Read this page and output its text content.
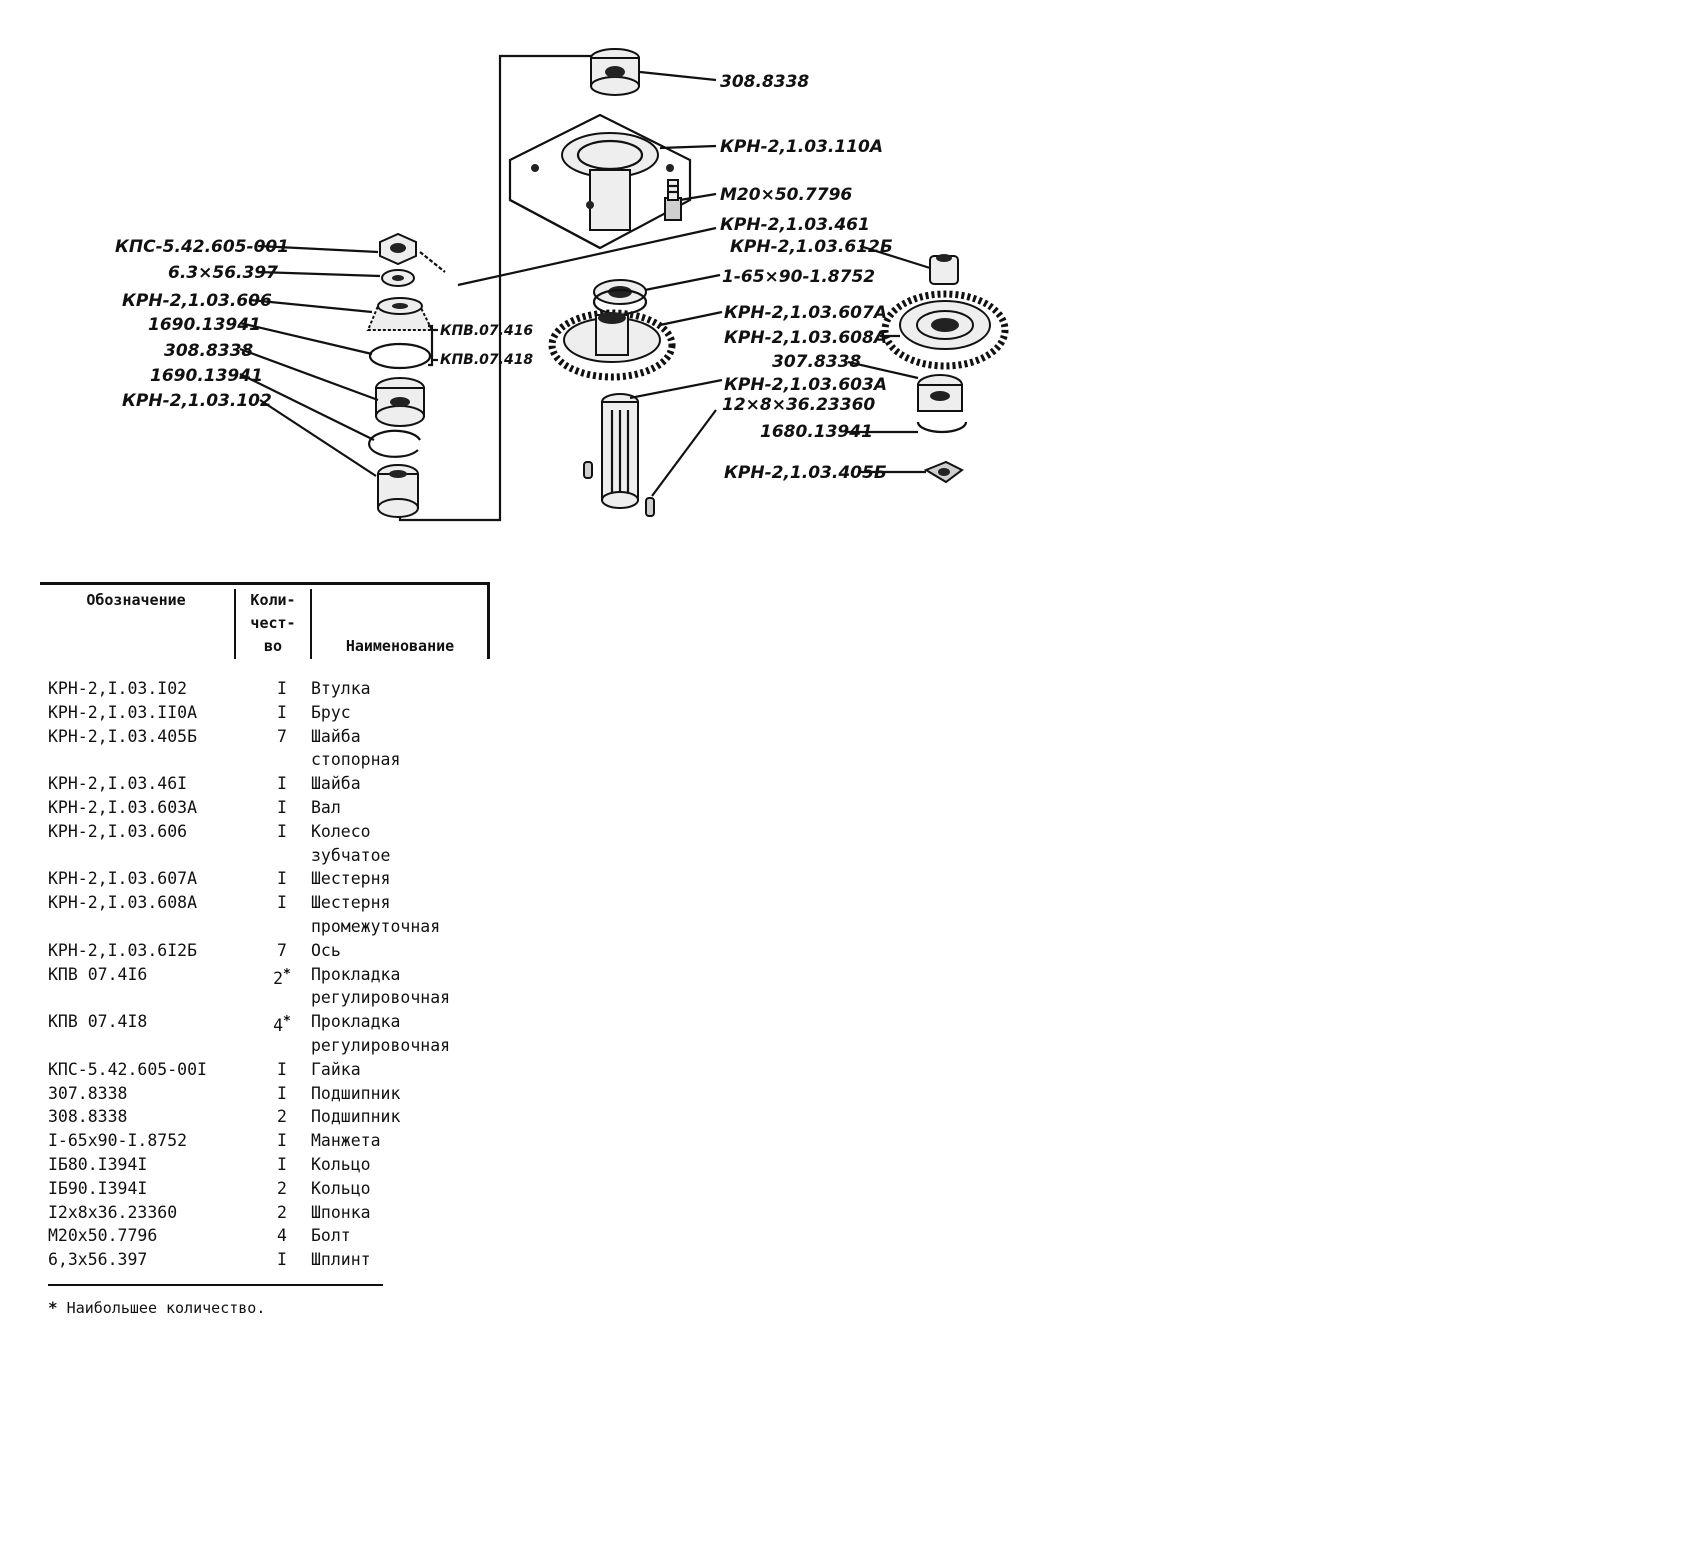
308.8338
КРН-2,1.03.110А
М20×50.7796
КРН-2,1.03.461
КРН-2,1.03.612Б
1-65×90-1.8752
КРН-2,1.03.607А
КРН-2,1.03.608А
307.8338
КРН-2,1.03.603А
12×8×36.23360
1680.13941
КРН-2,1.03.405Б
КПС-5.42.605-001
6.3×56.397
КРН-2,1.03.606
КПВ.07.416
КПВ.07.418
1690.13941
308.8338
1690.13941
КРН-2,1.03.102
Обозначение	Коли-
чест-
во	Наименование
КРН-2,I.03.I02	I	Втулка
КРН-2,I.03.II0А	I	Брус
КРН-2,I.03.405Б	7	Шайба
стопорная
КРН-2,I.03.46I	I	Шайба
КРН-2,I.03.603А	I	Вал
КРН-2,I.03.606	I	Колесо
зубчатое
КРН-2,I.03.607А	I	Шестерня
КРН-2,I.03.608А	I	Шестерня
промежуточная
КРН-2,I.03.6I2Б	7	Ось
КПВ 07.4I6	2*	Прокладка
регулировочная
КПВ 07.4I8	4*	Прокладка
регулировочная
КПС-5.42.605-00I	I	Гайка
307.8338	I	Подшипник
308.8338	2	Подшипник
I-65x90-I.8752	I	Манжета
IБ80.I394I	I	Кольцо
IБ90.I394I	2	Кольцо
I2x8x36.23360	2	Шпонка
М20x50.7796	4	Болт
6,3x56.397	I	Шплинт
* Наибольшее количество.
